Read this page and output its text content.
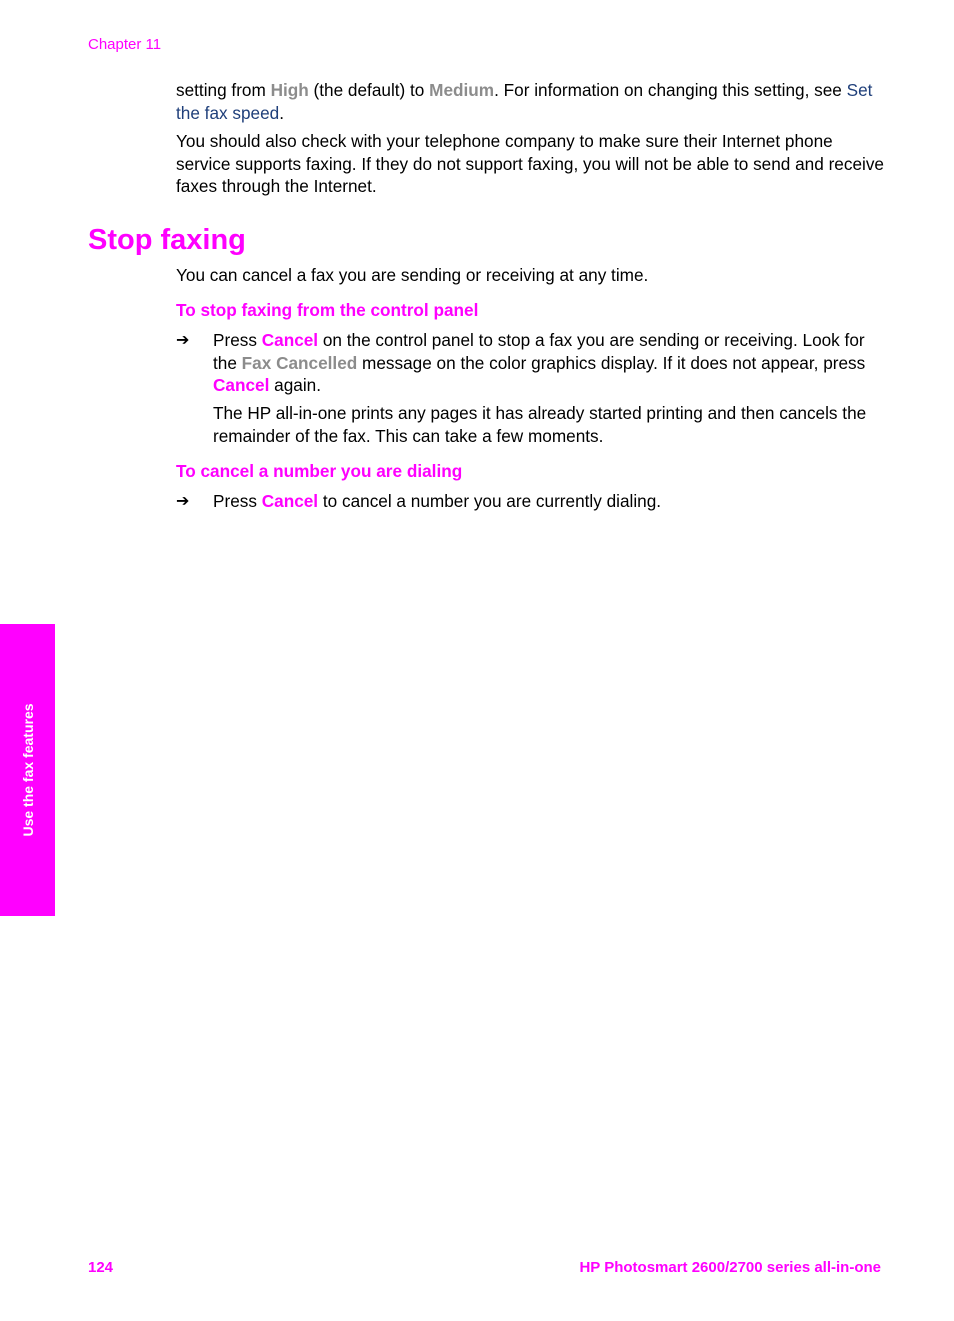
Chapter 11

setting from High (the default) to Medium. For information on changing this setting, see Set the fax speed.

You should also check with your telephone company to make sure their Internet phone service supports faxing. If they do not support faxing, you will not be able to send and receive faxes through the Internet.

Stop faxing

You can cancel a fax you are sending or receiving at any time.

To stop faxing from the control panel
➔ Press Cancel on the control panel to stop a fax you are sending or receiving. Look for the Fax Cancelled message on the color graphics display. If it does not appear, press Cancel again.

The HP all-in-one prints any pages it has already started printing and then cancels the remainder of the fax. This can take a few moments.

To cancel a number you are dialing
➔ Press Cancel to cancel a number you are currently dialing.

Use the fax features
124	HP Photosmart 2600/2700 series all-in-one
